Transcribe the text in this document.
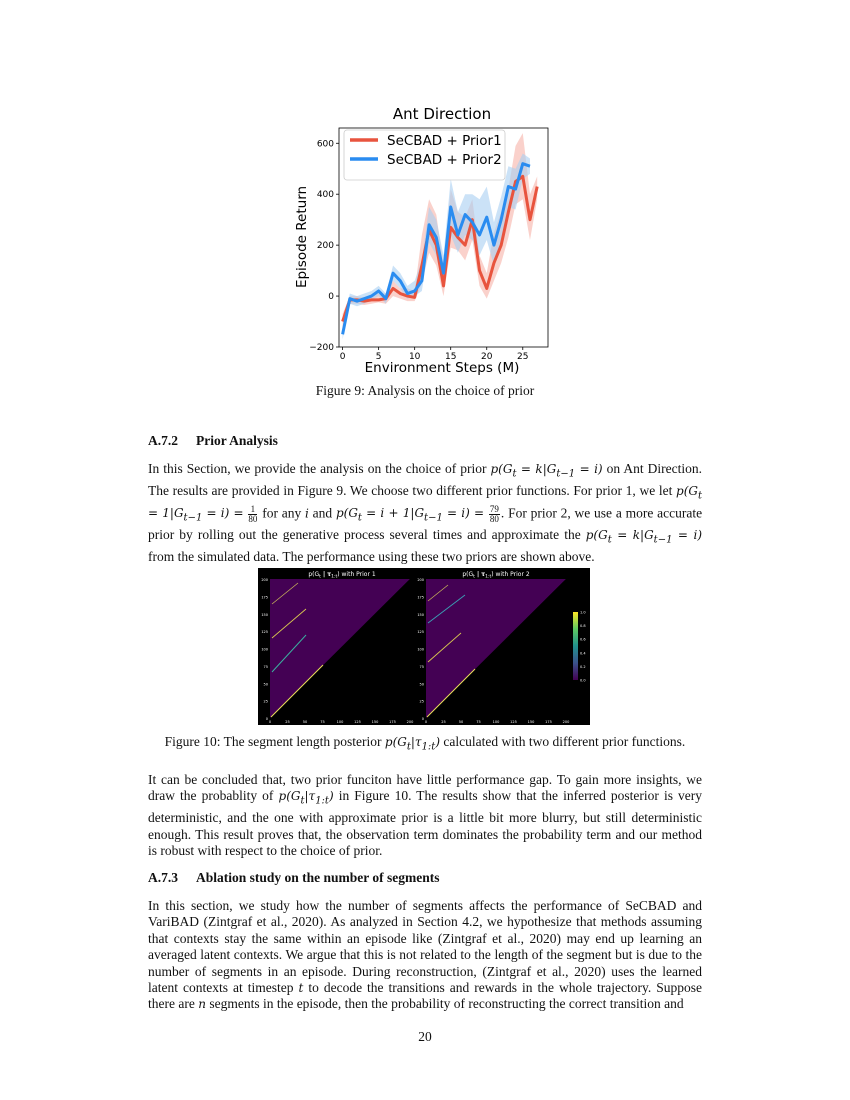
Ant Direction
0	5	10	15	20	25
−200
0
200
400
600	SeCBAD + Prior1
SeCBAD + Prior2
Environment Steps (M)
Episode Return
Figure 9: Analysis on the choice of prior
A.7.2 Prior Analysis

In this Section, we provide the analysis on the choice of prior $p(G_t = k|G_{t-1} = i)$ on Ant Direction. The results are provided in Figure 9. We choose two different prior functions. For prior 1, we let $p(G_t = 1|G_{t-1} = i) = \frac{1}{80}$ for any i and $p(G_t = i + 1|G_{t-1} = i) = \frac{79}{80}$ . For prior 2, we use a more accurate prior by rolling out the generative process several times and approximate the $p(G_t = k|G_{t-1} = i)$ from the simulated data. The performance using these two priors are shown above.

$p(G_t$ | $\tau_{1:t}$) with Prior 1
200
175
150
125
100
75
50
25
0
0	25	50	75	100	125	150	175	200
$p(G_t$ | $\tau_{1:t}$) with Prior 2
200
175
150
125
100
75
50
25
0
0	25	50	75	100	125	150	175	200
1.0
0.8
0.6
0.4
0.2
0.0
Figure 10: The segment length posterior $p(G_t|\tau_{1:t})$ calculated with two different prior functions.

It can be concluded that, two prior funciton have little performance gap. To gain more insights, we draw the probablity of $p(G_t|\tau_{1:t})$ in Figure 10. The results show that the inferred posterior is very deterministic, and the one with approximate prior is a little bit more blurry, but still deterministic enough. This result proves that, the observation term dominates the probability term and our method is robust with respect to the choice of prior.

A.7.3 Ablation study on the number of segments

In this section, we study how the number of segments affects the performance of SeCBAD and VariBAD (Zintgraf et al., 2020). As analyzed in Section 4.2, we hypothesize that methods assuming that contexts stay the same within an episode like (Zintgraf et al., 2020) may end up learning an averaged latent contexts. We argue that this is not related to the length of the segment but is due to the number of segments in an episode. During reconstruction, (Zintgraf et al., 2020) uses the learned latent contexts at timestep t to decode the transitions and rewards in the whole trajectory. Suppose there are n segments in the episode, then the probability of reconstructing the correct transition and

20
